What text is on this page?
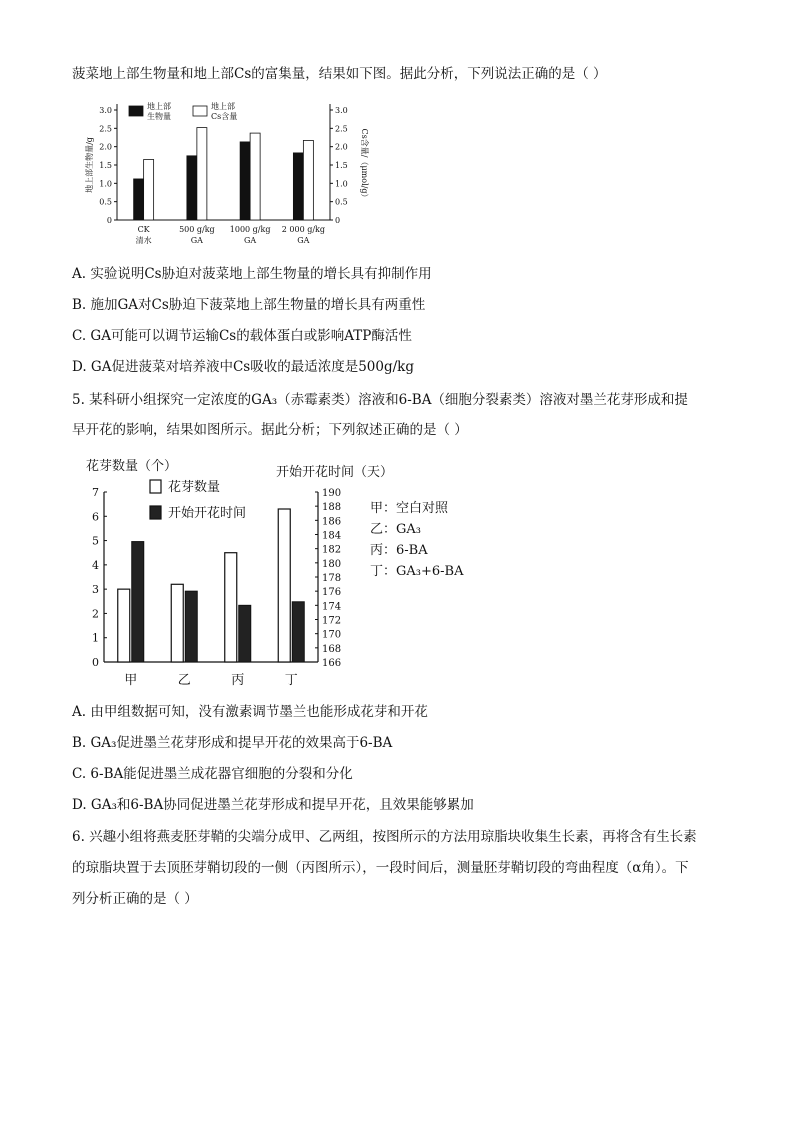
菠菜地上部生物量和地上部Cs的富集量，结果如下图。据此分析，下列说法正确的是（ ）
0	0
0.5	0.5
1.0	1.0
1.5	1.5
2.0	2.0
2.5	2.5
3.0	3.0
地上部生物量/g	Cs含量/（μmol/g）
CK
清水
500 g/kg
GA
1000 g/kg
GA
2 000 g/kg
GA
地上部
生物量
地上部
Cs含量
A. 实验说明Cs胁迫对菠菜地上部生物量的增长具有抑制作用
B. 施加GA对Cs胁迫下菠菜地上部生物量的增长具有两重性
C. GA可能可以调节运输Cs的载体蛋白或影响ATP酶活性
D. GA促进菠菜对培养液中Cs吸收的最适浓度是500g/kg
5. 某科研小组探究一定浓度的GA₃（赤霉素类）溶液和6-BA（细胞分裂素类）溶液对墨兰花芽形成和提
早开花的影响，结果如图所示。据此分析；下列叙述正确的是（ ）
0
1
2
3
4
5
6
7
166
168
170
172
174
176
178
180
182
184
186
188
190
花芽数量（个）	开始开花时间（天）
甲	乙	丙	丁
花芽数量
开始开花时间	甲：空白对照
乙：GA₃
丙：6-BA
丁：GA₃+6-BA
A. 由甲组数据可知，没有激素调节墨兰也能形成花芽和开花
B. GA₃促进墨兰花芽形成和提早开花的效果高于6-BA
C. 6-BA能促进墨兰成花器官细胞的分裂和分化
D. GA₃和6-BA协同促进墨兰花芽形成和提早开花，且效果能够累加
6. 兴趣小组将燕麦胚芽鞘的尖端分成甲、乙两组，按图所示的方法用琼脂块收集生长素，再将含有生长素
的琼脂块置于去顶胚芽鞘切段的一侧（丙图所示），一段时间后，测量胚芽鞘切段的弯曲程度（α角）。下
列分析正确的是（ ）
